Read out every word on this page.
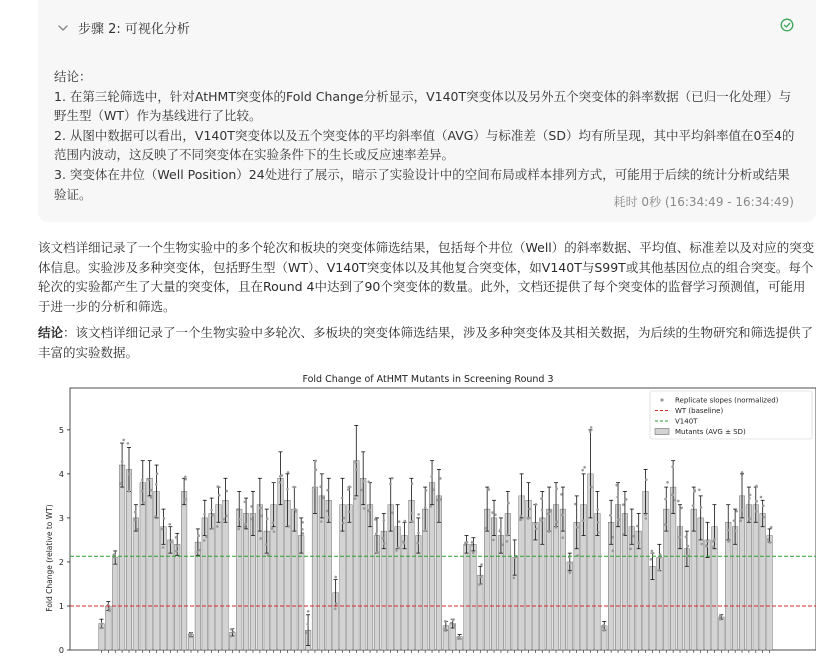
步骤 2: 可视化分析

结论：

1. 在第三轮筛选中，针对AtHMT突变体的Fold Change分析显示，V140T突变体以及另外五个突变体的斜率数据（已归一化处理）与野生型（WT）作为基线进行了比较。

2. 从图中数据可以看出，V140T突变体以及五个突变体的平均斜率值（AVG）与标准差（SD）均有所呈现，其中平均斜率值在0至4的范围内波动，这反映了不同突变体在实验条件下的生长或反应速率差异。

3. 突变体在井位（Well Position）24处进行了展示，暗示了实验设计中的空间布局或样本排列方式，可能用于后续的统计分析或结果验证。

耗时 0秒 (16:34:49 - 16:34:49)

该文档详细记录了一个生物实验中的多个轮次和板块的突变体筛选结果，包括每个井位（Well）的斜率数据、平均值、标准差以及对应的突变体信息。实验涉及多种突变体，包括野生型（WT）、V140T突变体以及其他复合突变体，如V140T与S99T或其他基因位点的组合突变。每个轮次的实验都产生了大量的突变体，且在Round 4中达到了90个突变体的数量。此外，文档还提供了每个突变体的监督学习预测值，可能用于进一步的分析和筛选。

结论：该文档详细记录了一个生物实验中多轮次、多板块的突变体筛选结果，涉及多种突变体及其相关数据，为后续的生物研究和筛选提供了丰富的实验数据。

Fold Change of AtHMT Mutants in Screening Round 3
Fold Change (relative to WT)
0
1
2
3
4
5
Replicate slopes (normalized)
WT (baseline)
V140T
Mutants (AVG ± SD)
